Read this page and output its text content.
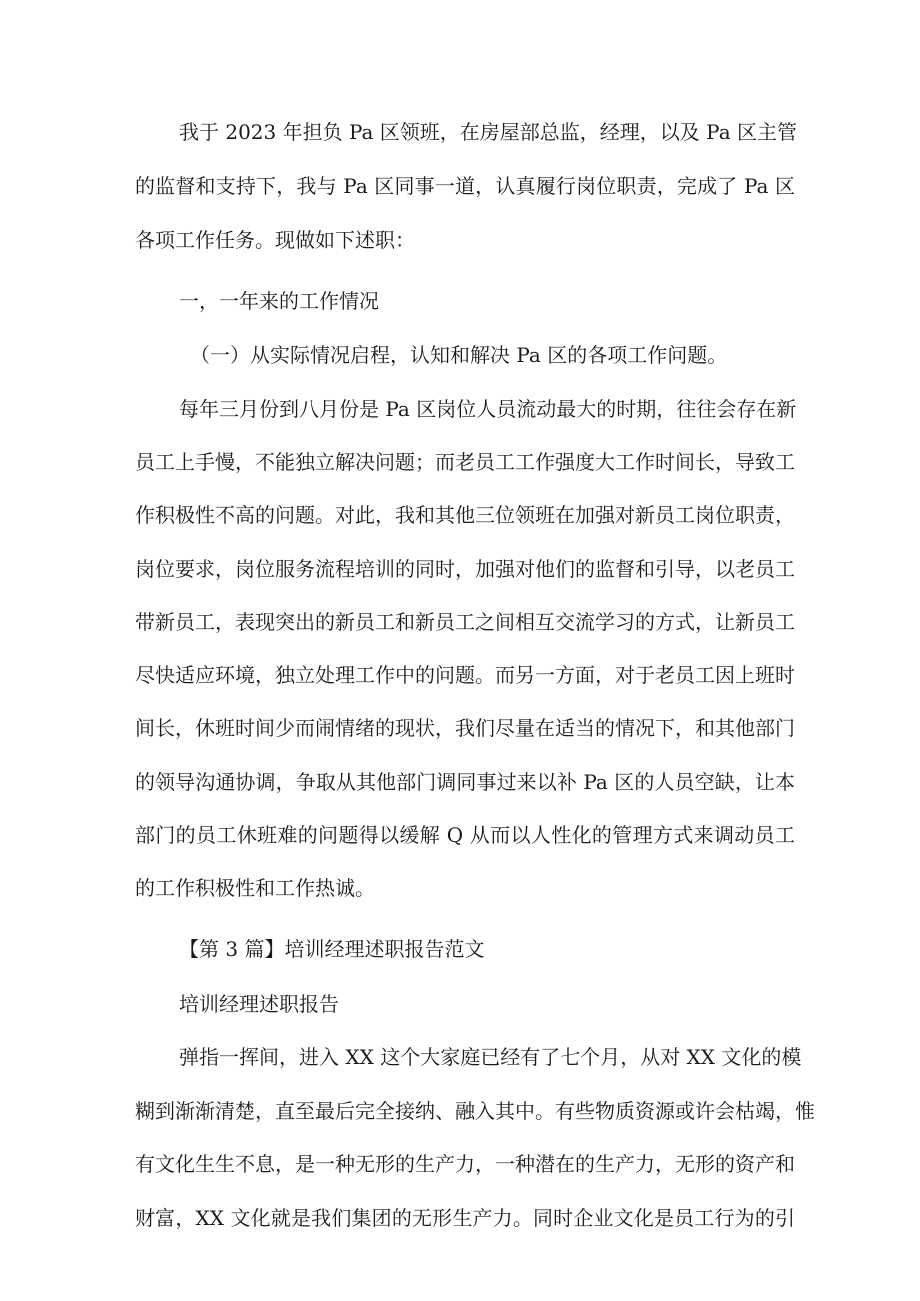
我于 2023 年担负 Pa 区领班，在房屋部总监，经理，以及 Pa 区主管
的监督和支持下，我与 Pa 区同事一道，认真履行岗位职责，完成了 Pa 区
各项工作任务。现做如下述职：
一，一年来的工作情况
（一）从实际情况启程，认知和解决 Pa 区的各项工作问题。
每年三月份到八月份是 Pa 区岗位人员流动最大的时期，往往会存在新
员工上手慢，不能独立解决问题；而老员工工作强度大工作时间长，导致工
作积极性不高的问题。对此，我和其他三位领班在加强对新员工岗位职责，
岗位要求，岗位服务流程培训的同时，加强对他们的监督和引导，以老员工
带新员工，表现突出的新员工和新员工之间相互交流学习的方式，让新员工
尽快适应环境，独立处理工作中的问题。而另一方面，对于老员工因上班时
间长，休班时间少而闹情绪的现状，我们尽量在适当的情况下，和其他部门
的领导沟通协调，争取从其他部门调同事过来以补 Pa 区的人员空缺，让本
部门的员工休班难的问题得以缓解 Q 从而以人性化的管理方式来调动员工
的工作积极性和工作热诚。
【第 3 篇】培训经理述职报告范文
培训经理述职报告
弹指一挥间，进入 XX 这个大家庭已经有了七个月，从对 XX 文化的模
糊到渐渐清楚，直至最后完全接纳、融入其中。有些物质资源或许会枯竭，惟
有文化生生不息，是一种无形的生产力，一种潜在的生产力，无形的资产和
财富，XX 文化就是我们集团的无形生产力。同时企业文化是员工行为的引
